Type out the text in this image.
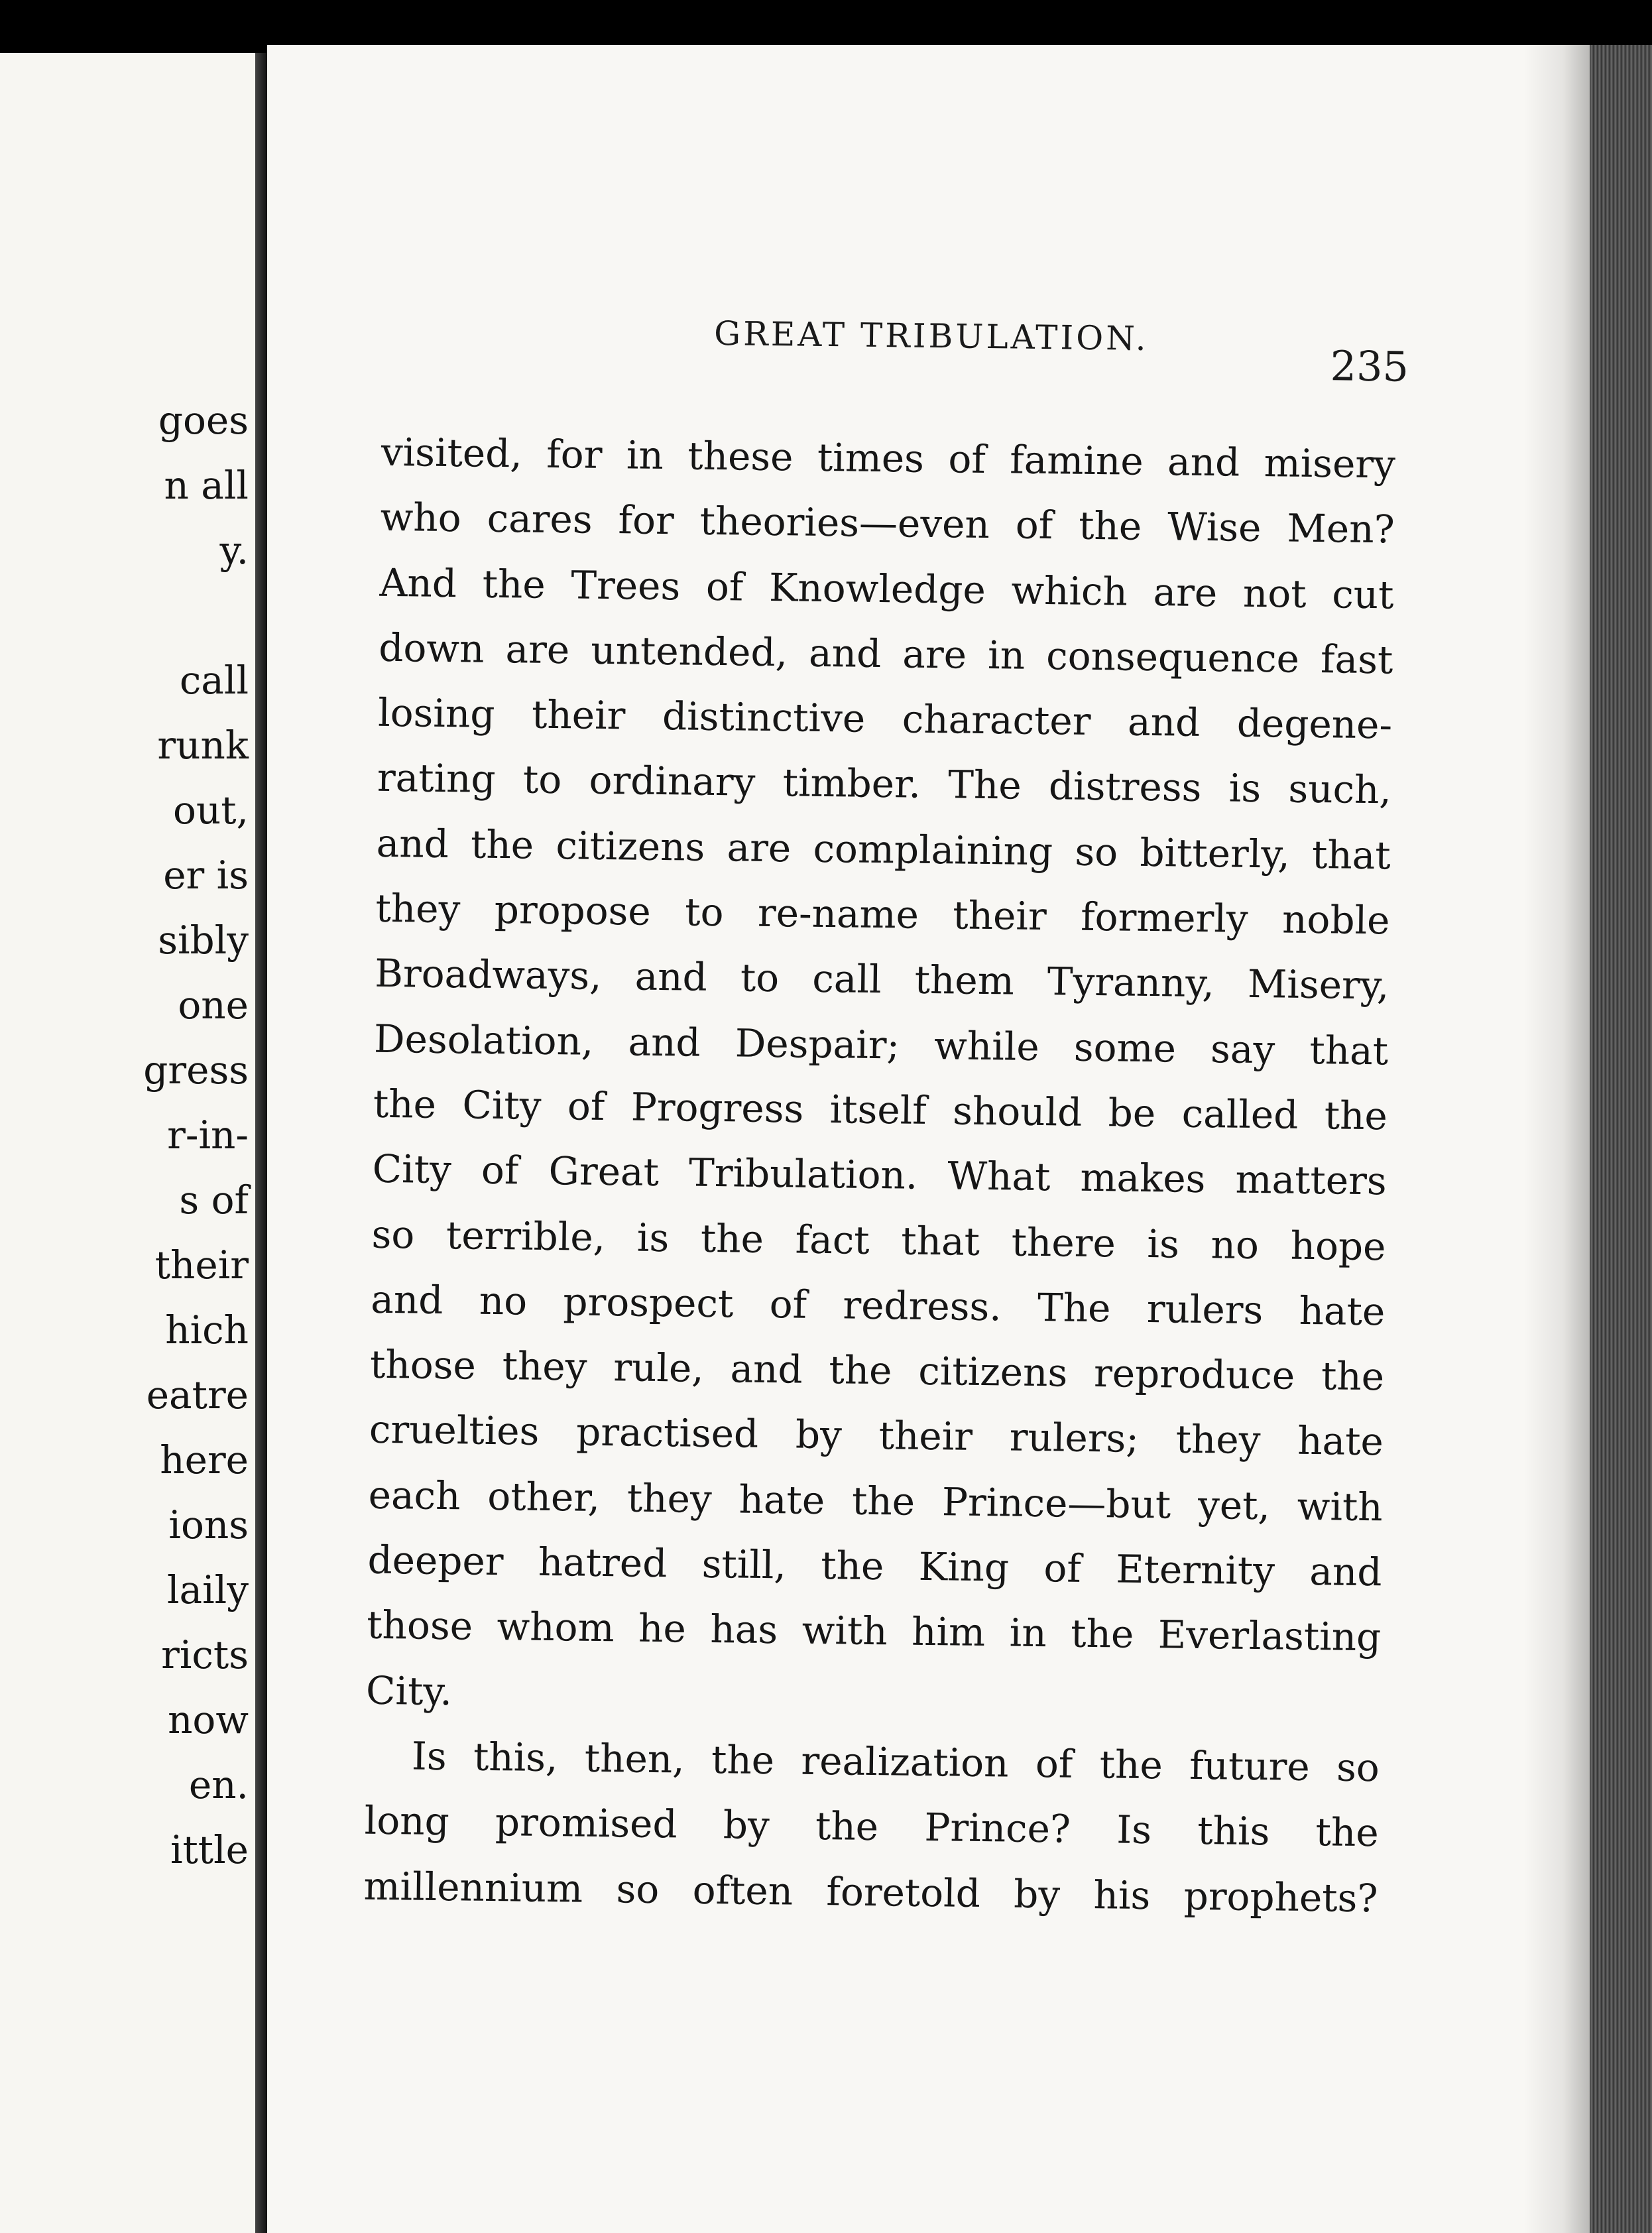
goes
n all
y.
call
runk
out,
er is
sibly
one
gress
r-in-
s of
their
hich
eatre
here
ions
laily
ricts
now
en.
ittle
GREAT TRIBULATION.
235
visited, for in these times of famine and misery
who cares for theories—even of the Wise Men?
And the Trees of Knowledge which are not cut
down are untended, and are in consequence fast
losing their distinctive character and degene-
rating to ordinary timber. The distress is such,
and the citizens are complaining so bitterly, that
they propose to re-name their formerly noble
Broadways, and to call them Tyranny, Misery,
Desolation, and Despair; while some say that
the City of Progress itself should be called the
City of Great Tribulation. What makes matters
so terrible, is the fact that there is no hope
and no prospect of redress. The rulers hate
those they rule, and the citizens reproduce the
cruelties practised by their rulers; they hate
each other, they hate the Prince—but yet, with
deeper hatred still, the King of Eternity and
those whom he has with him in the Everlasting
City.
Is this, then, the realization of the future so
long promised by the Prince? Is this the
millennium so often foretold by his prophets?
